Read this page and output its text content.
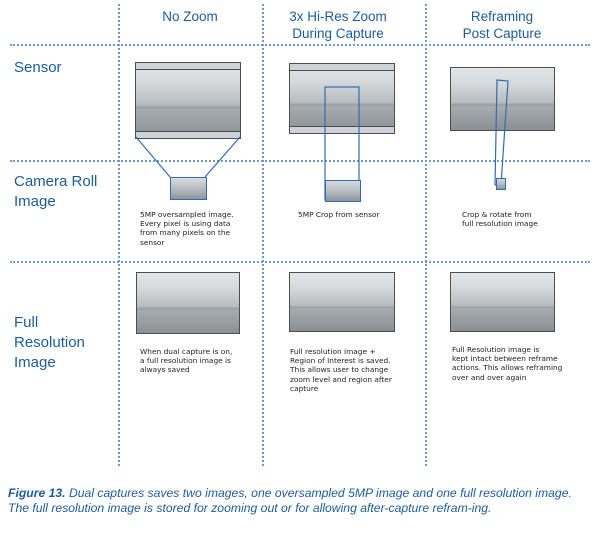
No Zoom	3x Hi-Res Zoom
During Capture
Reframing
Post Capture
Sensor
Camera Roll
Image
Full
Resolution
Image
5MP oversampled image.
Every pixel is using data
from many pixels on the
sensor
5MP Crop from sensor	Crop & rotate from
full resolution image
When dual capture is on,
a full resolution image is
always saved
Full resolution image +
Region of Interest is saved.
This allows user to change
zoom level and region after
capture
Full Resolution image is
kept intact between reframe
actions. This allows reframing
over and over again
Figure 13. Dual captures saves two images, one oversampled 5MP image and one full resolution image. The full resolution image is stored for zooming out or for allowing after-capture refram-ing.
